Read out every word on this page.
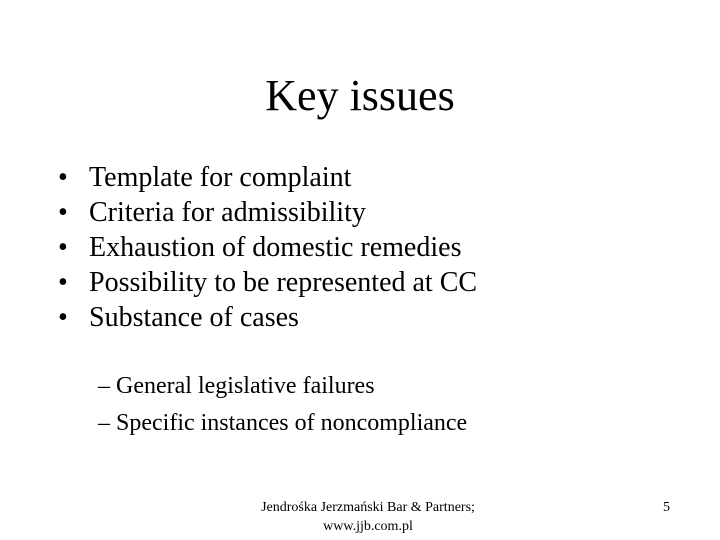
Key issues
• Template for complaint
• Criteria for admissibility
• Exhaustion of domestic remedies
• Possibility to be represented at CC
• Substance of cases
– General legislative failures
– Specific instances of noncompliance
Jendrośka Jerzmański Bar & Partners;
www.jjb.com.pl
5
